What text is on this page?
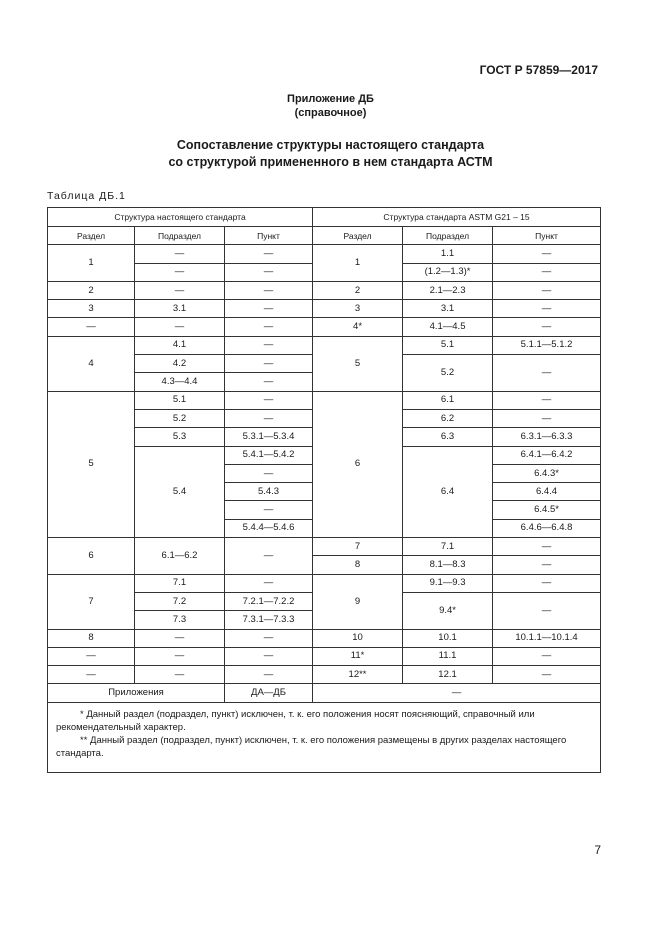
ГОСТ Р 57859—2017
Приложение ДБ
(справочное)
Сопоставление структуры настоящего стандарта
со структурой примененного в нем стандарта АСТМ
Таблица ДБ.1
Структура настоящего стандарта			Структура стандарта ASTM G21 – 15		
Раздел	Подраздел	Пункт	Раздел	Подраздел	Пункт
1	—	—	1	1.1	—
	—	—		(1.2—1.3)*	—
2	—	—	2	2.1—2.3	—
3	3.1	—	3	3.1	—
—	—	—	4*	4.1—4.5	—
4	4.1	—	5	5.1	5.1.1—5.1.2
	4.2	—		5.2	—
	4.3—4.4	—			
5	5.1	—	6	6.1	—
	5.2	—		6.2	—
	5.3	5.3.1—5.3.4		6.3	6.3.1—6.3.3
	5.4	5.4.1—5.4.2		6.4	6.4.1—6.4.2
		—			6.4.3*
		5.4.3			6.4.4
		—			6.4.5*
		5.4.4—5.4.6			6.4.6—6.4.8
6	6.1—6.2	—	7	7.1	—
			8	8.1—8.3	—
7	7.1	—	9	9.1—9.3	—
	7.2	7.2.1—7.2.2		9.4*	—
	7.3	7.3.1—7.3.3			
8	—	—	10	10.1	10.1.1—10.1.4
—	—	—	11*	11.1	—
—	—	—	12**	12.1	—
Приложения		ДА—ДБ	—		

* Данный раздел (подраздел, пункт) исключен, т. к. его положения носят поясняющий, справочный или рекомендательный характер.
** Данный раздел (подраздел, пункт) исключен, т. к. его положения размещены в других разделах настоящего стандарта.					
7
